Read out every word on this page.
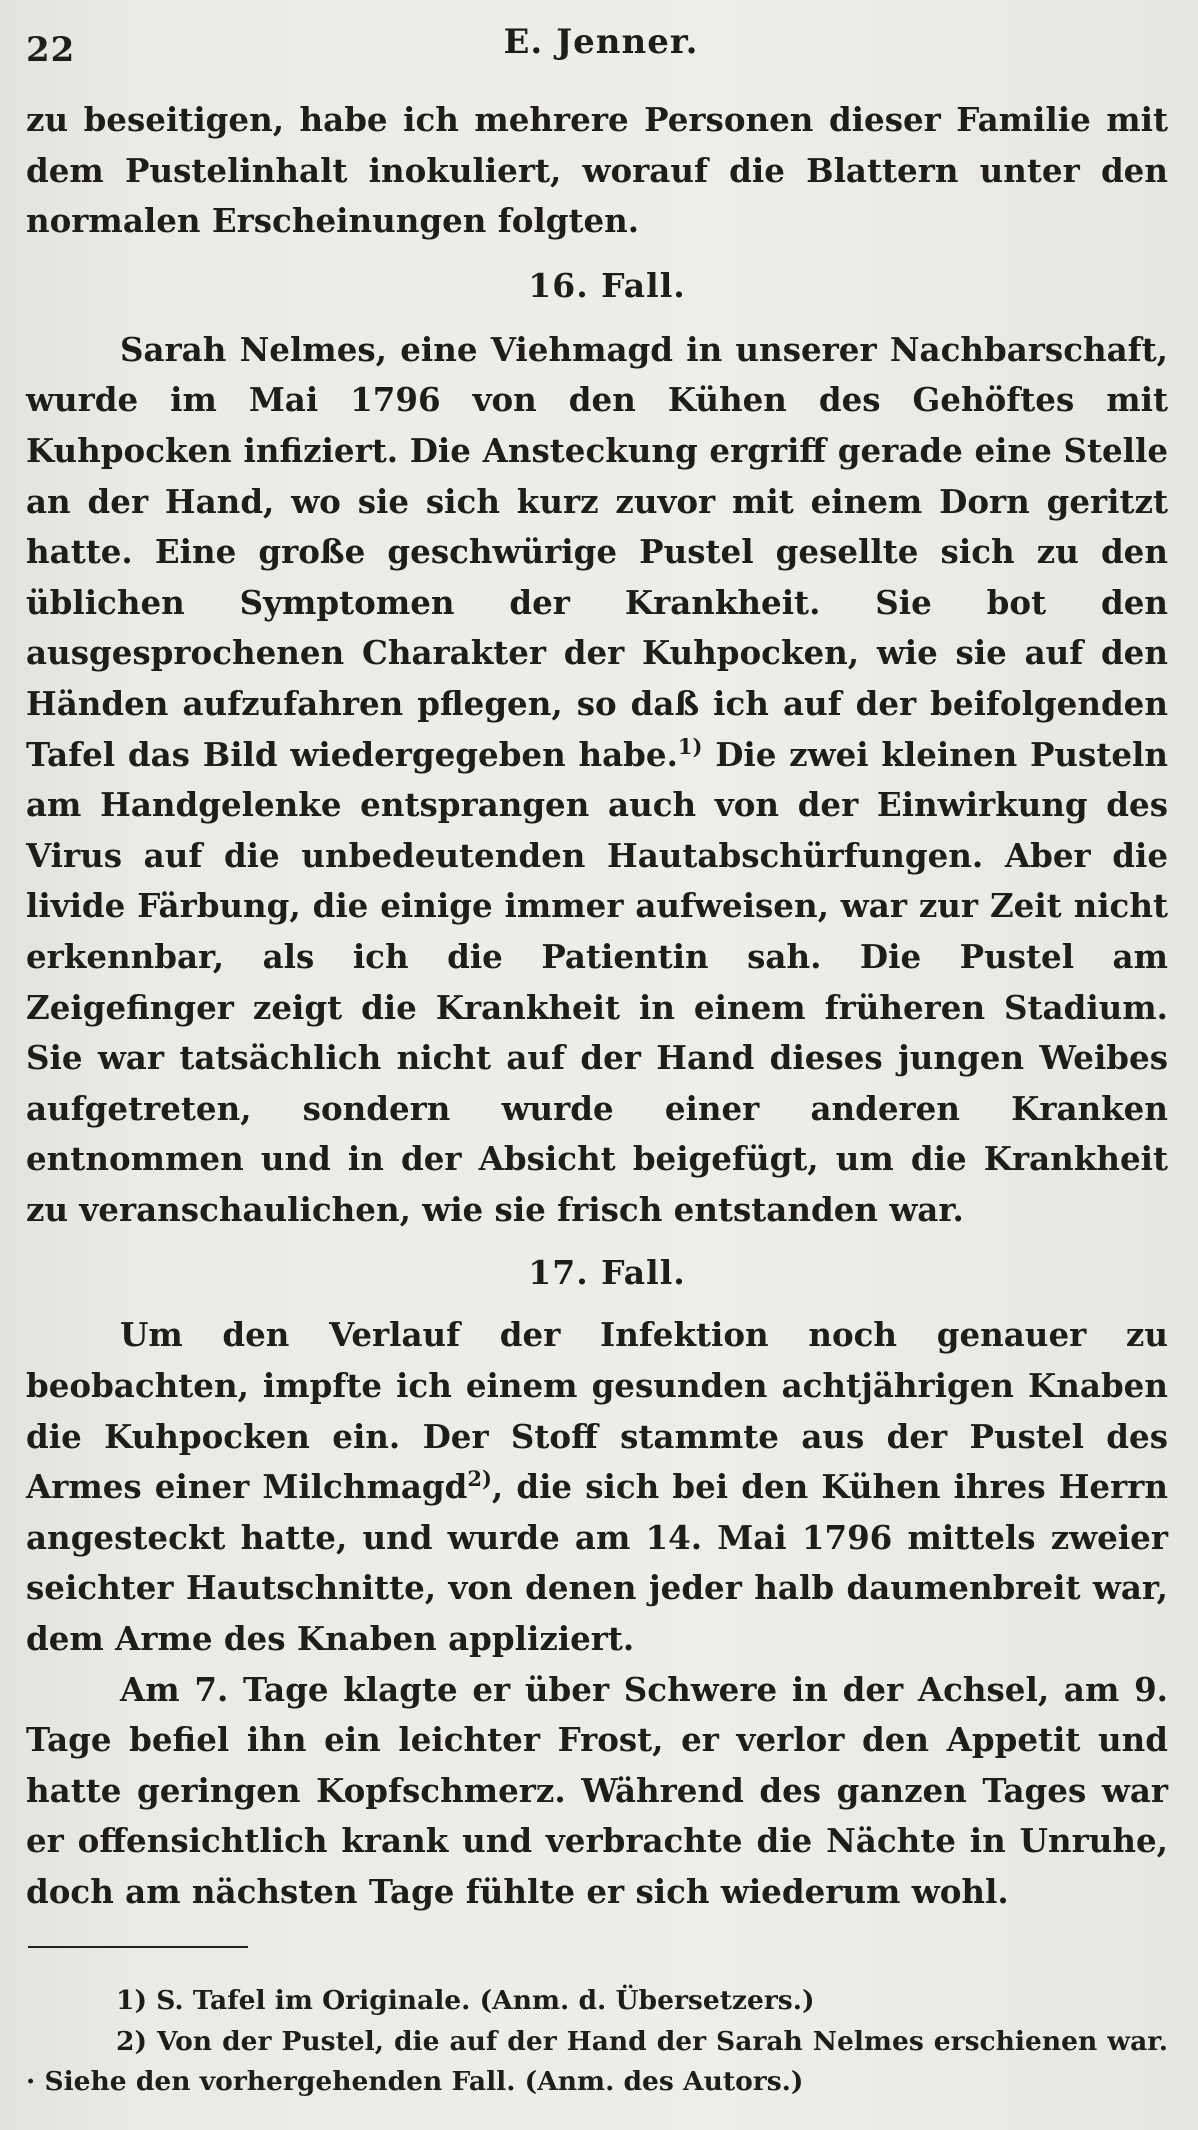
22	E. Jenner.

zu beseitigen, habe ich mehrere Personen dieser Familie mit dem Pustelinhalt inokuliert, worauf die Blattern unter den normalen Erscheinungen folgten.

16. Fall.

Sarah Nelmes, eine Viehmagd in unserer Nachbarschaft, wurde im Mai 1796 von den Kühen des Gehöftes mit Kuhpocken infiziert. Die Ansteckung ergriff gerade eine Stelle an der Hand, wo sie sich kurz zuvor mit einem Dorn geritzt hatte. Eine große geschwürige Pustel gesellte sich zu den üblichen Symptomen der Krankheit. Sie bot den ausgesprochenen Charakter der Kuhpocken, wie sie auf den Händen aufzufahren pflegen, so daß ich auf der beifolgenden Tafel das Bild wiedergegeben habe.$^{1)}$ Die zwei kleinen Pusteln am Handgelenke entsprangen auch von der Einwirkung des Virus auf die unbedeutenden Hautabschürfungen. Aber die livide Färbung, die einige immer aufweisen, war zur Zeit nicht erkennbar, als ich die Patientin sah. Die Pustel am Zeigefinger zeigt die Krankheit in einem früheren Stadium. Sie war tatsächlich nicht auf der Hand dieses jungen Weibes aufgetreten, sondern wurde einer anderen Kranken entnommen und in der Absicht beigefügt, um die Krankheit zu veranschaulichen, wie sie frisch entstanden war.

17. Fall.

Um den Verlauf der Infektion noch genauer zu beobachten, impfte ich einem gesunden achtjährigen Knaben die Kuhpocken ein. Der Stoff stammte aus der Pustel des Armes einer Milchmagd$^{2)}$, die sich bei den Kühen ihres Herrn angesteckt hatte, und wurde am 14. Mai 1796 mittels zweier seichter Hautschnitte, von denen jeder halb daumenbreit war, dem Arme des Knaben appliziert.

Am 7. Tage klagte er über Schwere in der Achsel, am 9. Tage befiel ihn ein leichter Frost, er verlor den Appetit und hatte geringen Kopfschmerz. Während des ganzen Tages war er offensichtlich krank und verbrachte die Nächte in Unruhe, doch am nächsten Tage fühlte er sich wiederum wohl.

1) S. Tafel im Originale. (Anm. d. Übersetzers.)

2) Von der Pustel, die auf der Hand der Sarah Nelmes erschienen war. · Siehe den vorhergehenden Fall. (Anm. des Autors.)
